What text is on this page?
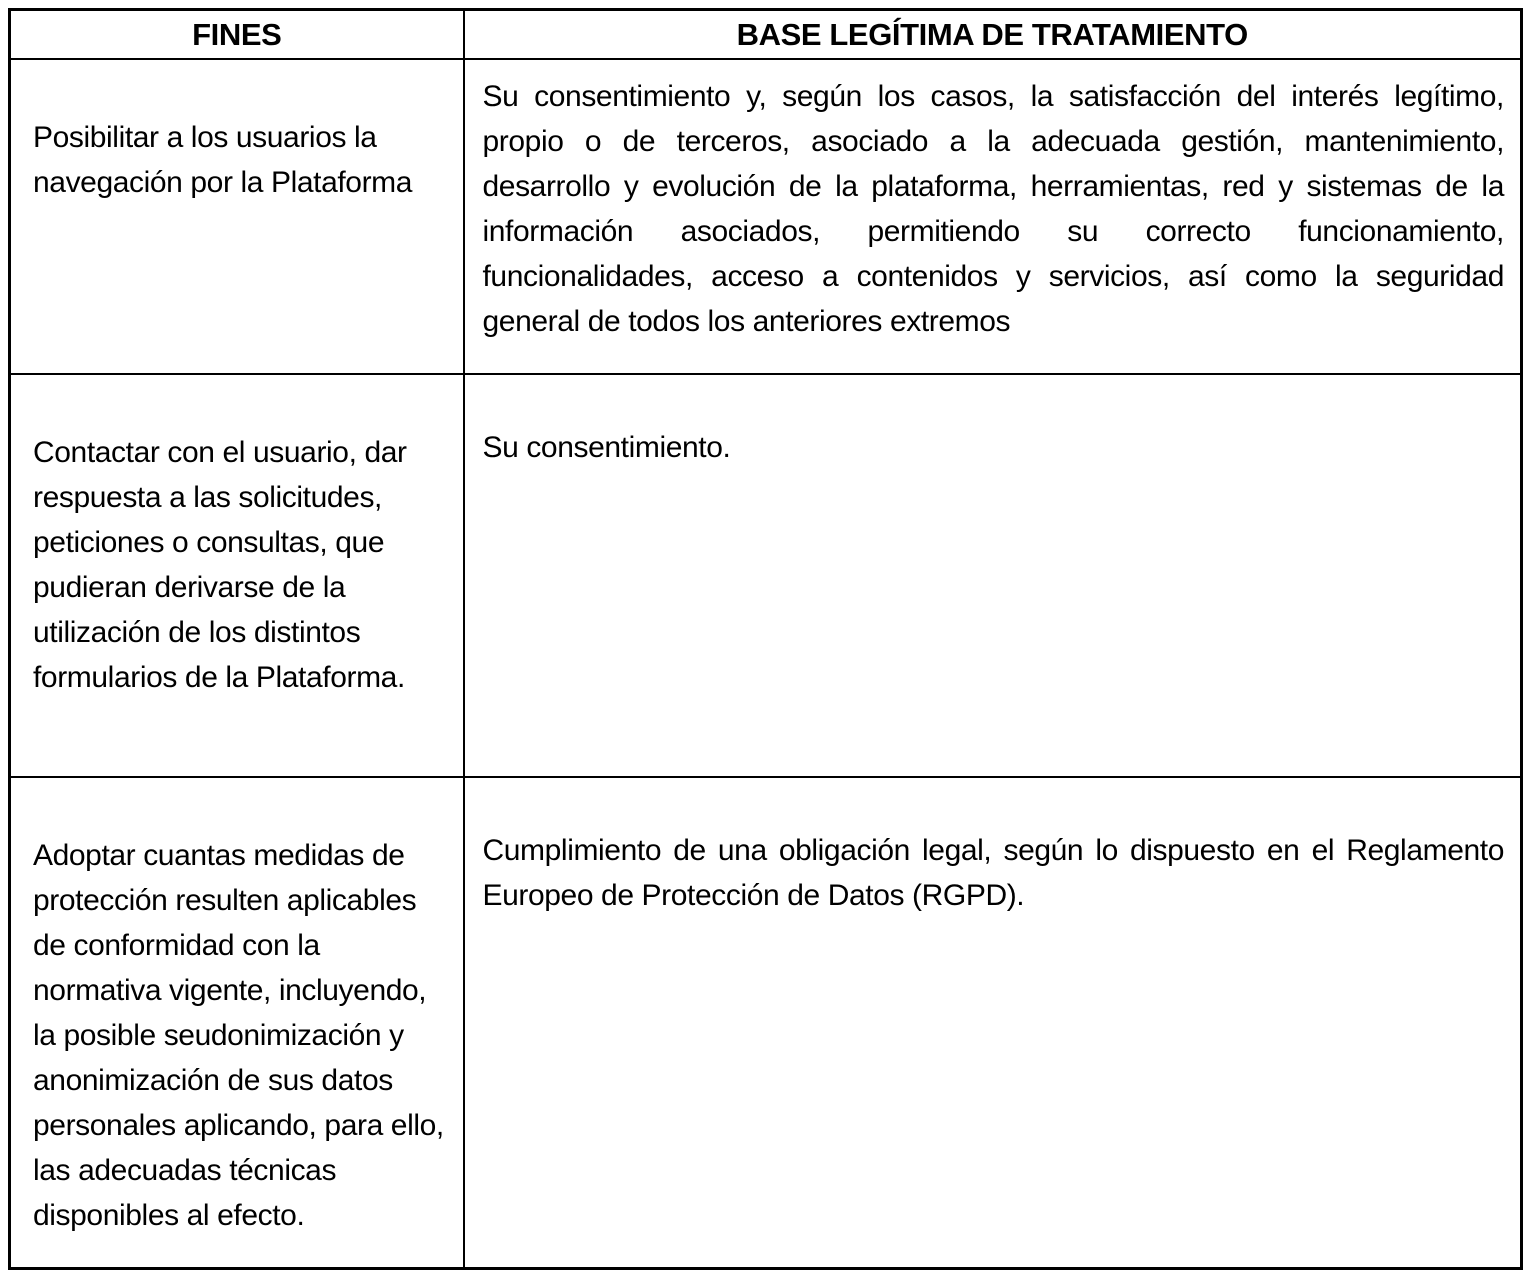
FINES	BASE LEGÍTIMA DE TRATAMIENTO

Posibilitar a los usuarios la navegación por la Plataforma	Su consentimiento y, según los casos, la satisfacción del interés legítimo, propio o de terceros, asociado a la adecuada gestión, mantenimiento, desarrollo y evolución de la plataforma, herramientas, red y sistemas de la información asociados, permitiendo su correcto funcionamiento, funcionalidades, acceso a contenidos y servicios, así como la seguridad general de todos los anteriores extremos

Contactar con el usuario, dar respuesta a las solicitudes, peticiones o consultas, que pudieran derivarse de la utilización de los distintos formularios de la Plataforma.	Su consentimiento.

Adoptar cuantas medidas de protección resulten aplicables de conformidad con la normativa vigente, incluyendo, la posible seudonimización y anonimización de sus datos personales aplicando, para ello, las adecuadas técnicas disponibles al efecto.	Cumplimiento de una obligación legal, según lo dispuesto en el Reglamento Europeo de Protección de Datos (RGPD).
